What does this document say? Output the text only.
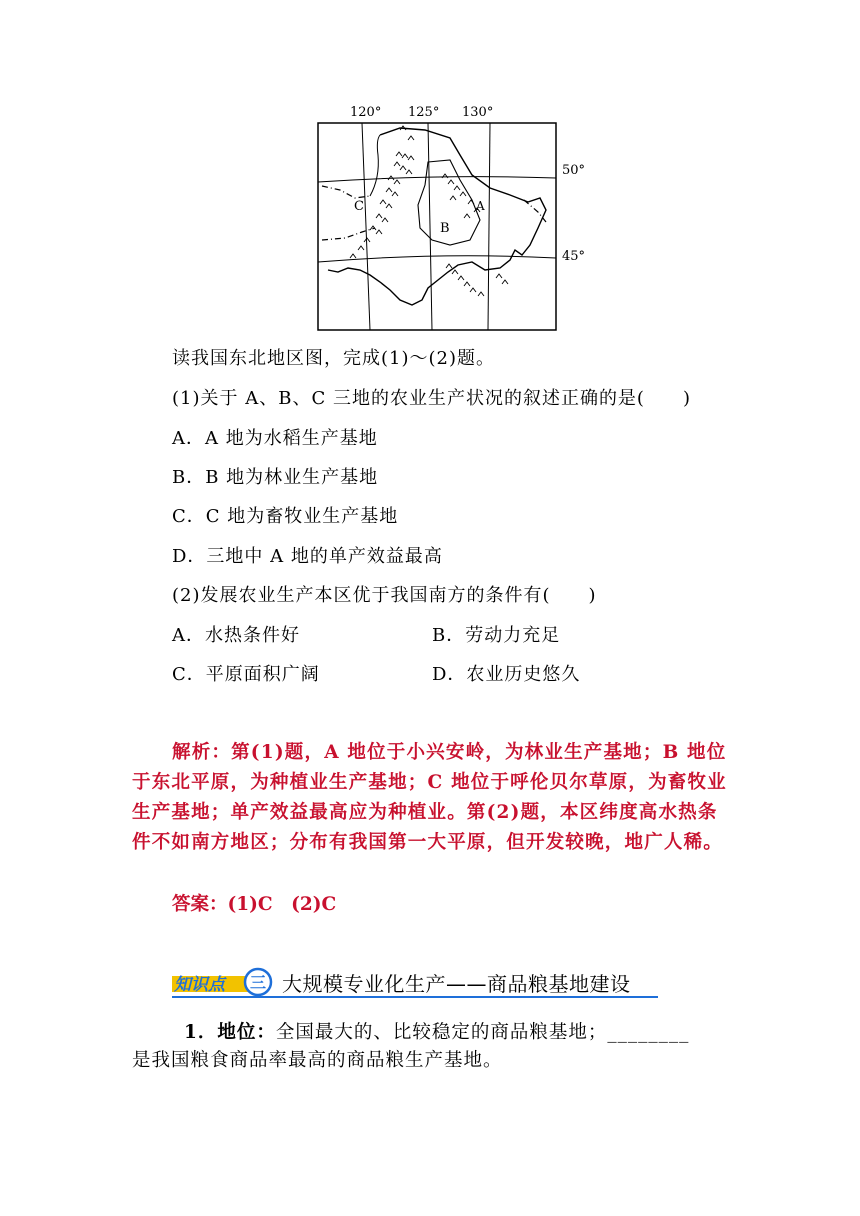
120° 125° 130°
50°
45°
A
B
C
读我国东北地区图，完成(1)～(2)题。
(1)关于 A、B、C 三地的农业生产状况的叙述正确的是(　　)
A．A 地为水稻生产基地
B．B 地为林业生产基地
C．C 地为畜牧业生产基地
D．三地中 A 地的单产效益最高
(2)发展农业生产本区优于我国南方的条件有(　　)
A．水热条件好	B．劳动力充足
C．平原面积广阔	D．农业历史悠久
解析：第(1)题，A 地位于小兴安岭，为林业生产基地；B 地位于东北平原，为种植业生产基地；C 地位于呼伦贝尔草原，为畜牧业生产基地；单产效益最高应为种植业。第(2)题，本区纬度高水热条件不如南方地区；分布有我国第一大平原，但开发较晚，地广人稀。
答案：(1)C　(2)C
知识点 三 大规模专业化生产——商品粮基地建设
1．地位：全国最大的、比较稳定的商品粮基地；________
是我国粮食商品率最高的商品粮生产基地。
